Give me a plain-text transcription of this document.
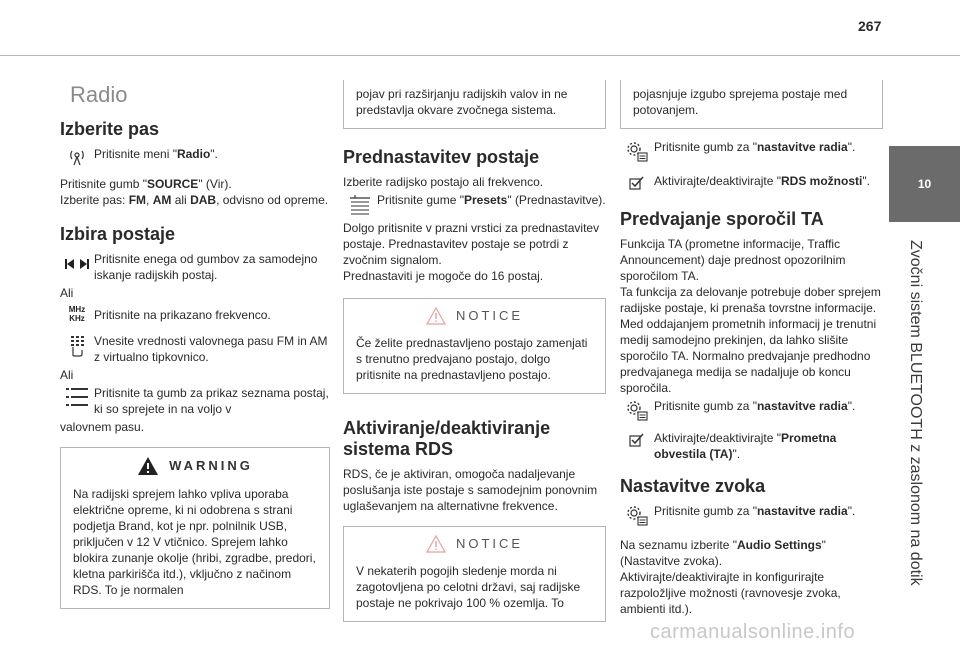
267
10
Zvočni sistem BLUETOOTH z zaslonom na dotik
Radio
Izberite pas
Pritisnite meni "Radio".
Pritisnite gumb "SOURCE" (Vir).
Izberite pas: FM, AM ali DAB, odvisno od opreme.
Izbira postaje
Pritisnite enega od gumbov za samodejno iskanje radijskih postaj.
Ali
MHz
KHz Pritisnite na prikazano frekvenco.
Vnesite vrednosti valovnega pasu FM in AM z virtualno tipkovnico.
Ali
Pritisnite ta gumb za prikaz seznama postaj, ki so sprejete in na voljo v
valovnem pasu.
WARNING
Na radijski sprejem lahko vpliva uporaba električne opreme, ki ni odobrena s strani podjetja Brand, kot je npr. polnilnik USB, priključen v 12 V vtičnico. Sprejem lahko blokira zunanje okolje (hribi, zgradbe, predori, kletna parkirišča itd.), vključno z načinom RDS. To je normalen
pojav pri razširjanju radijskih valov in ne predstavlja okvare zvočnega sistema.
Prednastavitev postaje
Izberite radijsko postajo ali frekvenco.
Pritisnite gume "Presets" (Prednastavitve).
Dolgo pritisnite v prazni vrstici za prednastavitev postaje. Prednastavitev postaje se potrdi z zvočnim signalom.
Prednastaviti je mogoče do 16 postaj.
NOTICE
Če želite prednastavljeno postajo zamenjati s trenutno predvajano postajo, dolgo pritisnite na prednastavljeno postajo.
Aktiviranje/deaktiviranje
sistema RDS
RDS, če je aktiviran, omogoča nadaljevanje poslušanja iste postaje s samodejnim ponovnim uglaševanjem na alternativne frekvence.
NOTICE
V nekaterih pogojih sledenje morda ni zagotovljena po celotni državi, saj radijske postaje ne pokrivajo 100 % ozemlja. To
pojasnjuje izgubo sprejema postaje med potovanjem.
Pritisnite gumb za "nastavitve radia".
Aktivirajte/deaktivirajte "RDS možnosti".
Predvajanje sporočil TA
Funkcija TA (prometne informacije, Traffic Announcement) daje prednost opozorilnim sporočilom TA.
Ta funkcija za delovanje potrebuje dober sprejem radijske postaje, ki prenaša tovrstne informacije. Med oddajanjem prometnih informacij je trenutni medij samodejno prekinjen, da lahko slišite sporočilo TA. Normalno predvajanje predhodno predvajanega medija se nadaljuje ob koncu sporočila.
Pritisnite gumb za "nastavitve radia".
Aktivirajte/deaktivirajte "Prometna obvestila (TA)".
Nastavitve zvoka
Pritisnite gumb za "nastavitve radia".
Na seznamu izberite "Audio Settings" (Nastavitve zvoka).
Aktivirajte/deaktivirajte in konfigurirajte razpoložljive možnosti (ravnovesje zvoka, ambienti itd.).
carmanualsonline.info
